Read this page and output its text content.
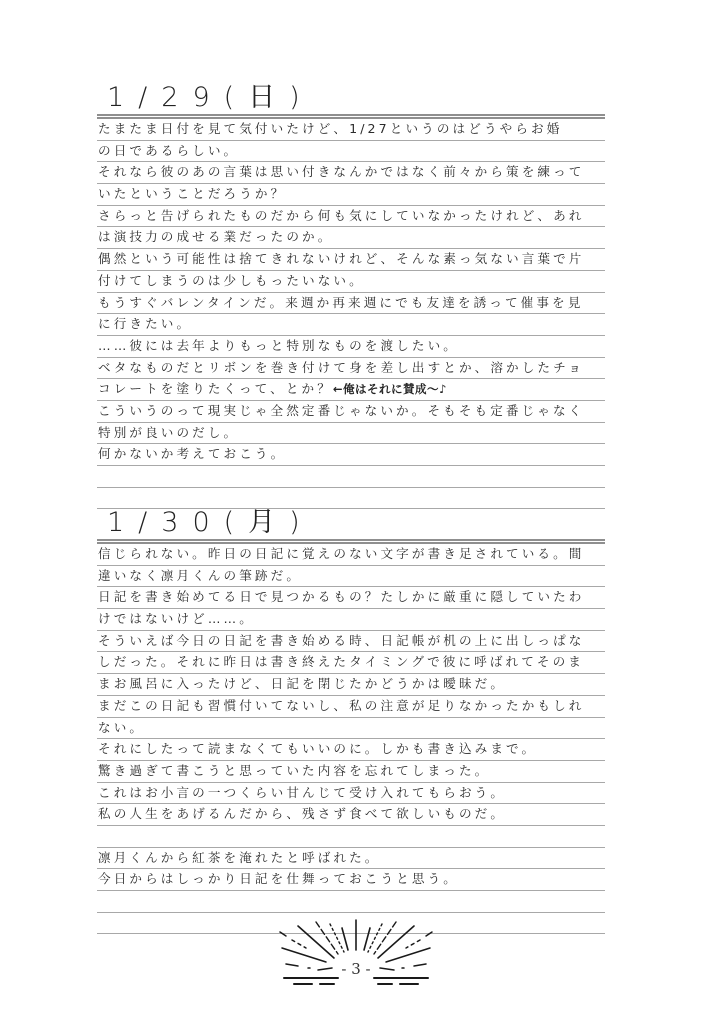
1/29(日)
たまたま日付を見て気付いたけど、1/27というのはどうやらお婚
の日であるらしい。
それなら彼のあの言葉は思い付きなんかではなく前々から策を練って
いたということだろうか？
さらっと告げられたものだから何も気にしていなかったけれど、あれ
は演技力の成せる業だったのか。
偶然という可能性は捨てきれないけれど、そんな素っ気ない言葉で片
付けてしまうのは少しもったいない。
もうすぐバレンタインだ。来週か再来週にでも友達を誘って催事を見
に行きたい。
……彼には去年よりもっと特別なものを渡したい。
ベタなものだとリボンを巻き付けて身を差し出すとか、溶かしたチョ
コレートを塗りたくって、とか？←俺はそれに賛成～♪
こういうのって現実じゃ全然定番じゃないか。そもそも定番じゃなく
特別が良いのだし。
何かないか考えておこう。
1/30(月)
信じられない。昨日の日記に覚えのない文字が書き足されている。間
違いなく凛月くんの筆跡だ。
日記を書き始めてる日で見つかるもの？たしかに厳重に隠していたわ
けではないけど……。
そういえば今日の日記を書き始める時、日記帳が机の上に出しっぱな
しだった。それに昨日は書き終えたタイミングで彼に呼ばれてそのま
まお風呂に入ったけど、日記を閉じたかどうかは曖昧だ。
まだこの日記も習慣付いてないし、私の注意が足りなかったかもしれ
ない。
それにしたって読まなくてもいいのに。しかも書き込みまで。
驚き過ぎて書こうと思っていた内容を忘れてしまった。
これはお小言の一つくらい甘んじて受け入れてもらおう。
私の人生をあげるんだから、残さず食べて欲しいものだ。
凛月くんから紅茶を淹れたと呼ばれた。
今日からはしっかり日記を仕舞っておこうと思う。
- 3 -
